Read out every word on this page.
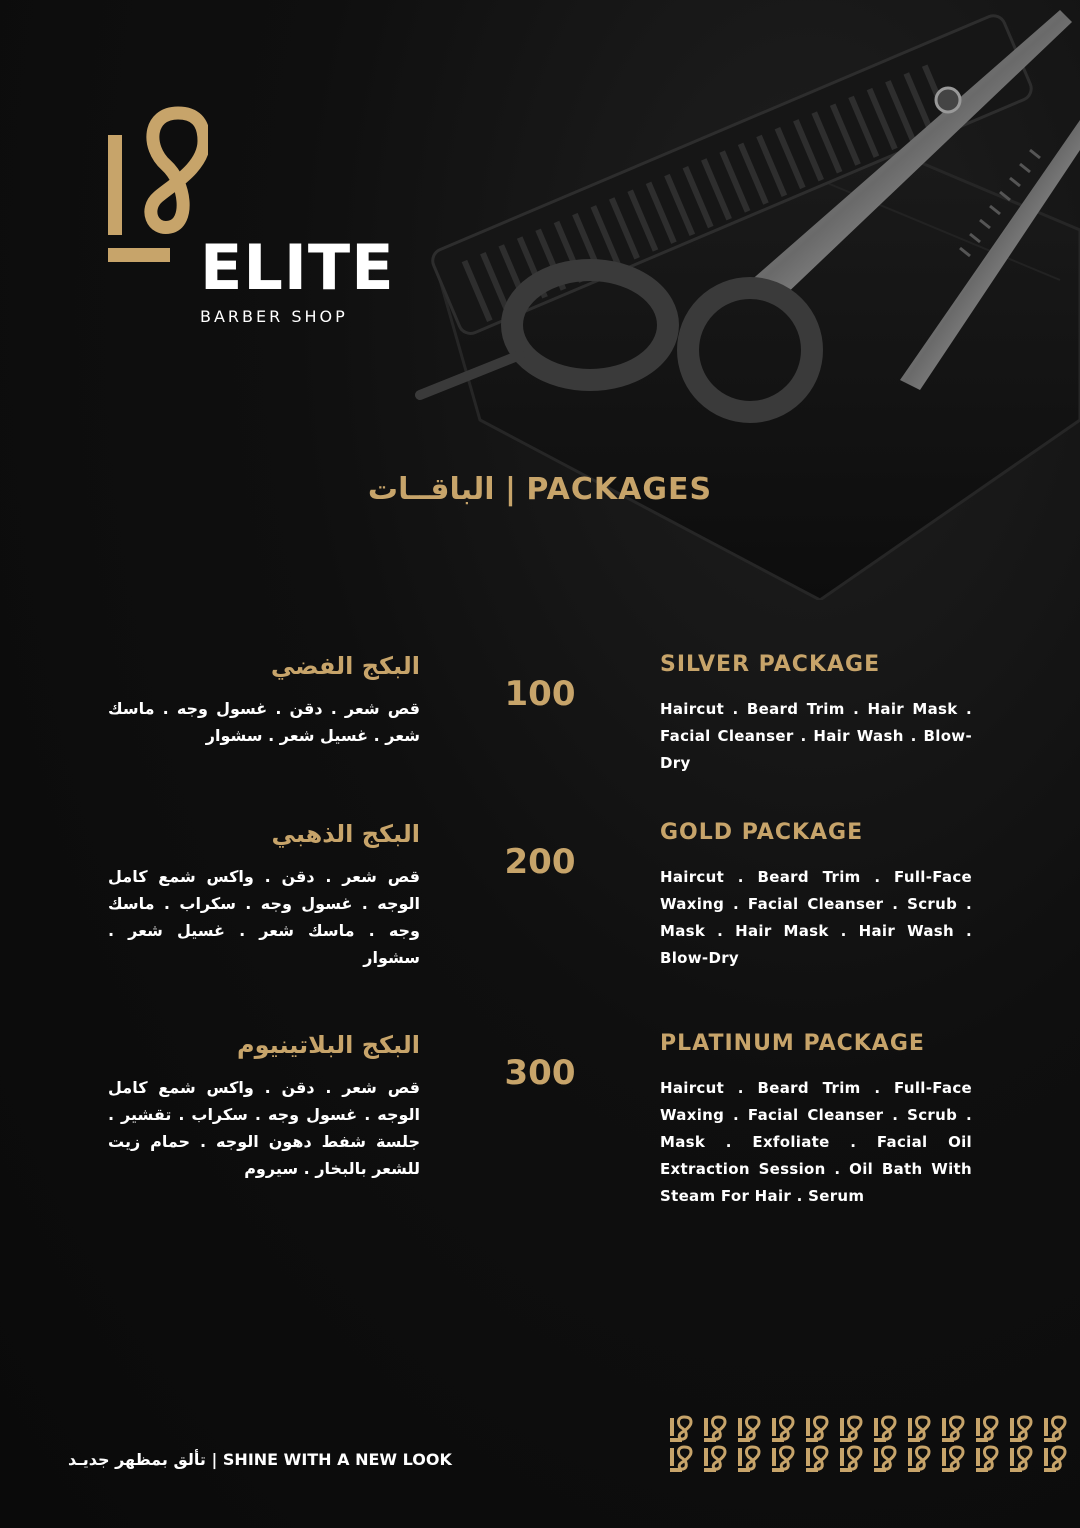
ELITE
BARBER SHOP
الباقــات | PACKAGES
البكج الفضي
قص شعر . دقن . غسول وجه . ماسك شعر . غسيل شعر . سشوار
100
SILVER PACKAGE
Haircut . Beard Trim . Hair Mask . Facial Cleanser . Hair Wash . Blow-Dry
البكج الذهبي
قص شعر . دقن . واكس شمع كامل الوجه . غسول وجه . سكراب . ماسك وجه . ماسك شعر . غسيل شعر . سشوار
200
GOLD PACKAGE
Haircut . Beard Trim . Full-Face Waxing . Facial Cleanser . Scrub . Mask . Hair Mask . Hair Wash . Blow-Dry
البكج البلاتينيوم
قص شعر . دقن . واكس شمع كامل الوجه . غسول وجه . سكراب . تقشير . جلسة شفط دهون الوجه . حمام زيت للشعر بالبخار . سيروم
300
PLATINUM PACKAGE
Haircut . Beard Trim . Full-Face Waxing . Facial Cleanser . Scrub . Mask . Exfoliate . Facial Oil Extraction Session . Oil Bath With Steam For Hair . Serum
تألق بمظهر جديـد | SHINE WITH A NEW LOOK
